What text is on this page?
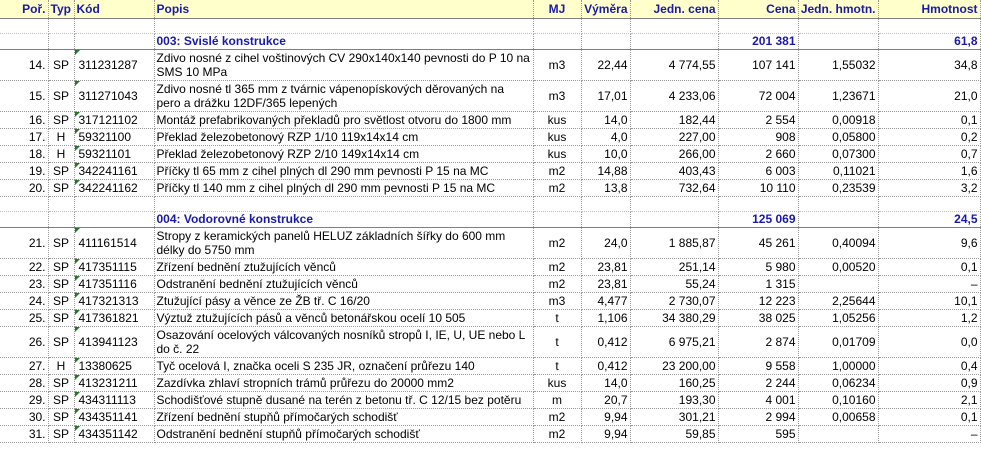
Poř.	Typ	Kód	Popis	MJ	Výměra	Jedn. cena	Cena	Jedn. hmotn.	Hmotnost

			003: Svislé konstrukce				201 381		61,8
14.	SP	311231287	Zdivo nosné z cihel voštinových CV 290x140x140 pevnosti do P 10 na SMS 10 MPa	m3	22,44	4 774,55	107 141	1,55032	34,8
15.	SP	311271043	Zdivo nosné tl 365 mm z tvárnic vápenopískových děrovaných na pero a drážku 12DF/365 lepených	m3	17,01	4 233,06	72 004	1,23671	21,0
16.	SP	317121102	Montáž prefabrikovaných překladů pro světlost otvoru do 1800 mm	kus	14,0	182,44	2 554	0,00918	0,1
17.	H	59321100	Překlad železobetonový RZP 1/10 119x14x14 cm	kus	4,0	227,00	908	0,05800	0,2
18.	H	59321101	Překlad železobetonový RZP 2/10 149x14x14 cm	kus	10,0	266,00	2 660	0,07300	0,7
19.	SP	342241161	Příčky tl 65 mm z cihel plných dl 290 mm pevnosti P 15 na MC	m2	14,88	403,43	6 003	0,11021	1,6
20.	SP	342241162	Příčky tl 140 mm z cihel plných dl 290 mm pevnosti P 15 na MC	m2	13,8	732,64	10 110	0,23539	3,2

			004: Vodorovné konstrukce				125 069		24,5
21.	SP	411161514	Stropy z keramických panelů HELUZ základních šířky do 600 mm délky do 5750 mm	m2	24,0	1 885,87	45 261	0,40094	9,6
22.	SP	417351115	Zřízení bednění ztužujících věnců	m2	23,81	251,14	5 980	0,00520	0,1
23.	SP	417351116	Odstranění bednění ztužujících věnců	m2	23,81	55,24	1 315		–
24.	SP	417321313	Ztužující pásy a věnce ze ŽB tř. C 16/20	m3	4,477	2 730,07	12 223	2,25644	10,1
25.	SP	417361821	Výztuž ztužujících pásů a věnců betonářskou ocelí 10 505	t	1,106	34 380,29	38 025	1,05256	1,2
26.	SP	413941123	Osazování ocelových válcovaných nosníků stropů I, IE, U, UE nebo L do č. 22	t	0,412	6 975,21	2 874	0,01709	0,0
27.	H	13380625	Tyč ocelová I, značka oceli S 235 JR, označení průřezu 140	t	0,412	23 200,00	9 558	1,00000	0,4
28.	SP	413231211	Zazdívka zhlaví stropních trámů průřezu do 20000 mm2	kus	14,0	160,25	2 244	0,06234	0,9
29.	SP	434311113	Schodišťové stupně dusané na terén z betonu tř. C 12/15 bez potěru	m	20,7	193,30	4 001	0,10160	2,1
30.	SP	434351141	Zřízení bednění stupňů přímočarých schodišť	m2	9,94	301,21	2 994	0,00658	0,1
31.	SP	434351142	Odstranění bednění stupňů přímočarých schodišť	m2	9,94	59,85	595		–
